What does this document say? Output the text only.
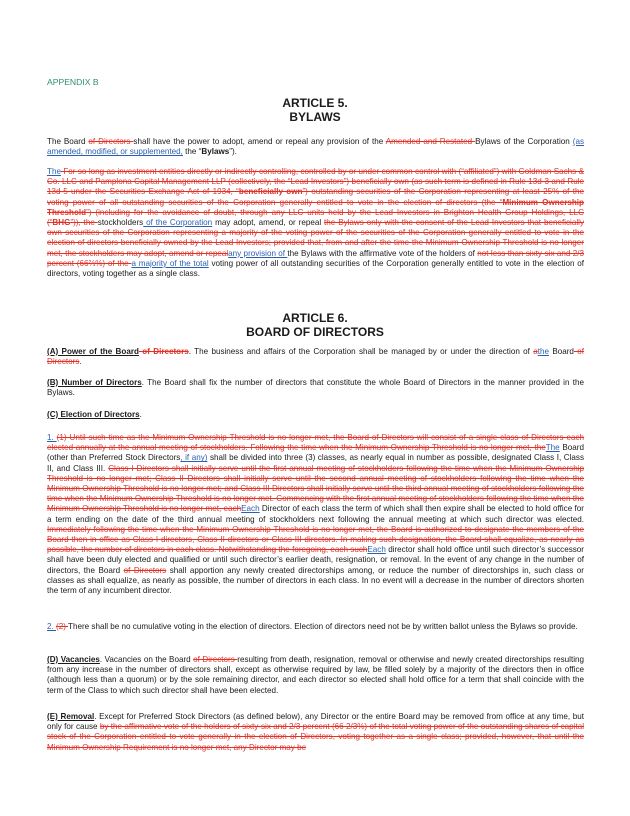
APPENDIX B
ARTICLE 5.
BYLAWS

The Board of Directors shall have the power to adopt, amend or repeal any provision of the Amended and Restated Bylaws of the Corporation (as amended, modified, or supplemented, the “Bylaws”).

The For so long as investment entities directly or indirectly controlling, controlled by or under common control with (“affiliated”) with Goldman Sachs & Co. LLC and Pamplona Capital Management LLP (collectively, the “Lead Investors”) beneficially own (as such term is defined in Rule 13d-3 and Rule 13d-5 under the Securities Exchange Act of 1934, “beneficially own”) outstanding securities of the Corporation representing at least 25% of the voting power of all outstanding securities of the Corporation generally entitled to vote in the election of directors (the “Minimum Ownership Threshold”) (including for the avoidance of doubt, through any LLC units held by the Lead Investors in Brighton Health Group Holdings, LLC (“BHG”)), the stockholders of the Corporation may adopt, amend, or repeal the Bylaws only with the consent of the Lead Investors that beneficially own securities of the Corporation representing a majority of the voting power of the securities of the Corporation generally entitled to vote in the election of directors beneficially owned by the Lead Investors; provided that, from and after the time the Minimum Ownership Threshold is no longer met, the stockholders may adopt, amend or repealany provision of the Bylaws with the affirmative vote of the holders of not less than sixty-six and 2/3 percent (66⅔%) of the a majority of the total voting power of all outstanding securities of the Corporation generally entitled to vote in the election of directors, voting together as a single class.

ARTICLE 6.
BOARD OF DIRECTORS

(A) Power of the Board of Directors. The business and affairs of the Corporation shall be managed by or under the direction of athe Board of Directors.

(B) Number of Directors. The Board shall fix the number of directors that constitute the whole Board of Directors in the manner provided in the Bylaws.

(C) Election of Directors.

1. (1) Until such time as the Minimum Ownership Threshold is no longer met, the Board of Directors will consist of a single class of Directors each elected annually at the annual meeting of stockholders. Following the time when the Minimum Ownership Threshold is no longer met, theThe Board (other than Preferred Stock Directors, if any) shall be divided into three (3) classes, as nearly equal in number as possible, designated Class I, Class II, and Class III. Class I Directors shall initially serve until the first annual meeting of stockholders following the time when the Minimum Ownership Threshold is no longer met; Class II Directors shall initially serve until the second annual meeting of stockholders following the time when the Minimum Ownership Threshold is no longer met; and Class III Directors shall initially serve until the third annual meeting of stockholders following the time when the Minimum Ownership Threshold is no longer met. Commencing with the first annual meeting of stockholders following the time when the Minimum Ownership Threshold is no longer met, eachEach Director of each class the term of which shall then expire shall be elected to hold office for a term ending on the date of the third annual meeting of stockholders next following the annual meeting at which such director was elected. Immediately following the time when the Minimum Ownership Threshold is no longer met, the Board is authorized to designate the members of the Board then in office as Class I directors, Class II directors or Class III directors. In making such designation, the Board shall equalize, as nearly as possible, the number of directors in each class. Notwithstanding the foregoing, each suchEach director shall hold office until such director’s successor shall have been duly elected and qualified or until such director’s earlier death, resignation, or removal. In the event of any change in the number of directors, the Board of Directors shall apportion any newly created directorships among, or reduce the number of directorships in, such class or classes as shall equalize, as nearly as possible, the number of directors in each class. In no event will a decrease in the number of directors shorten the term of any incumbent director.

2. (2) There shall be no cumulative voting in the election of directors. Election of directors need not be by written ballot unless the Bylaws so provide.

(D) Vacancies. Vacancies on the Board of Directors resulting from death, resignation, removal or otherwise and newly created directorships resulting from any increase in the number of directors shall, except as otherwise required by law, be filled solely by a majority of the directors then in office (although less than a quorum) or by the sole remaining director, and each director so elected shall hold office for a term that shall coincide with the term of the Class to which such director shall have been elected.

(E) Removal. Except for Preferred Stock Directors (as defined below), any Director or the entire Board may be removed from office at any time, but only for cause by the affirmative vote of the holders of sixty-six and 2/3 percent (66 2/3%) of the total voting power of the outstanding shares of capital stock of the Corporation entitled to vote generally in the election of Directors, voting together as a single class; provided, however, that until the Minimum Ownership Requirement is no longer met, any Director may be
